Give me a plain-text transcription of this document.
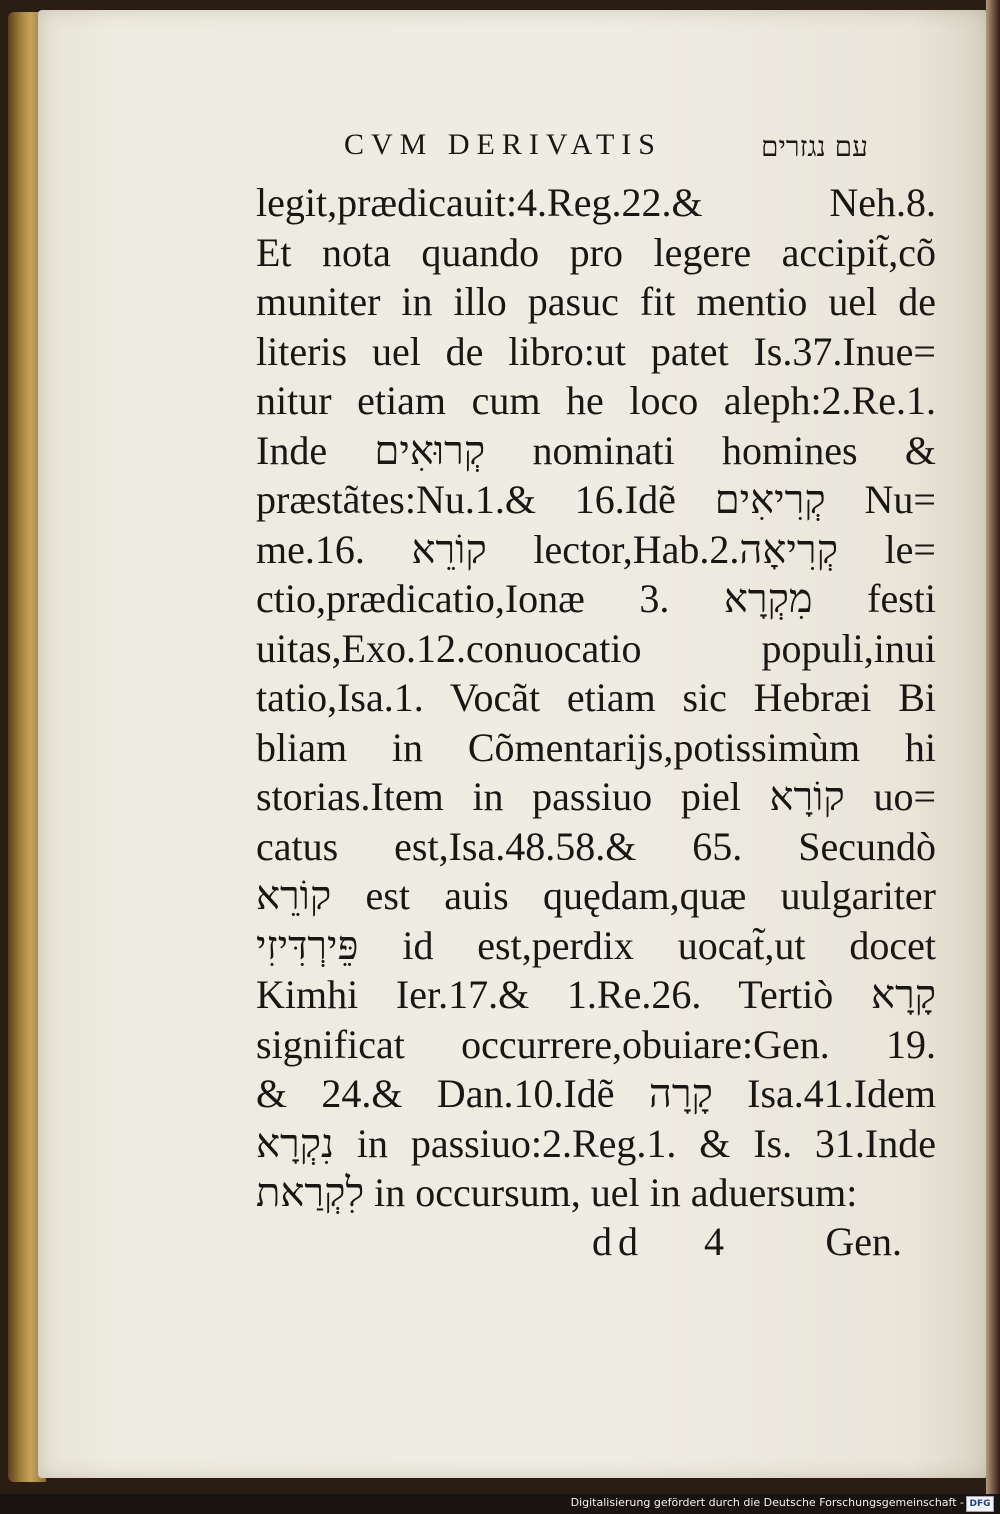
CVM DERIVATIS	עם נגזרים
legit,prædicauit:4.Reg.22.& Neh.8.
Et nota quando pro legere accipit̃,cõ
muniter in illo pasuc fit mentio uel de
literis uel de libro:ut patet Is.37.Inue=
nitur etiam cum he loco aleph:2.Re.1.
Inde קְרוּאִים nominati homines &
præstãtes:Nu.1.& 16.Idẽ קְרִיאִים Nu=
me.16. קוֹרֵא lector,Hab.2.קְרִיאָה le=
ctio,prædicatio,Ionæ 3. מִקְרָא festi
uitas,Exo.12.conuocatio populi,inui
tatio,Isa.1. Vocãt etiam sic Hebræi Bi
bliam in Cõmentarijs,potissimùm hi
storias.Item in passiuo piel קוֹרָא uo=
catus est,Isa.48.58.& 65. Secundò
קוֹרֵא est auis quędam,quæ uulgariter
פֵּירְדִּיזִי id est,perdix uocat̃,ut docet
Kimhi Ier.17.& 1.Re.26. Tertiò קָרָא
significat occurrere,obuiare:Gen. 19.
& 24.& Dan.10.Idẽ קָרָה Isa.41.Idem
נִקְרָא in passiuo:2.Reg.1. & Is. 31.Inde
לִקְרַאת in occursum, uel in aduersum:
dd 4	Gen.
Digitalisierung gefördert durch die Deutsche Forschungsgemeinschaft - DFG
